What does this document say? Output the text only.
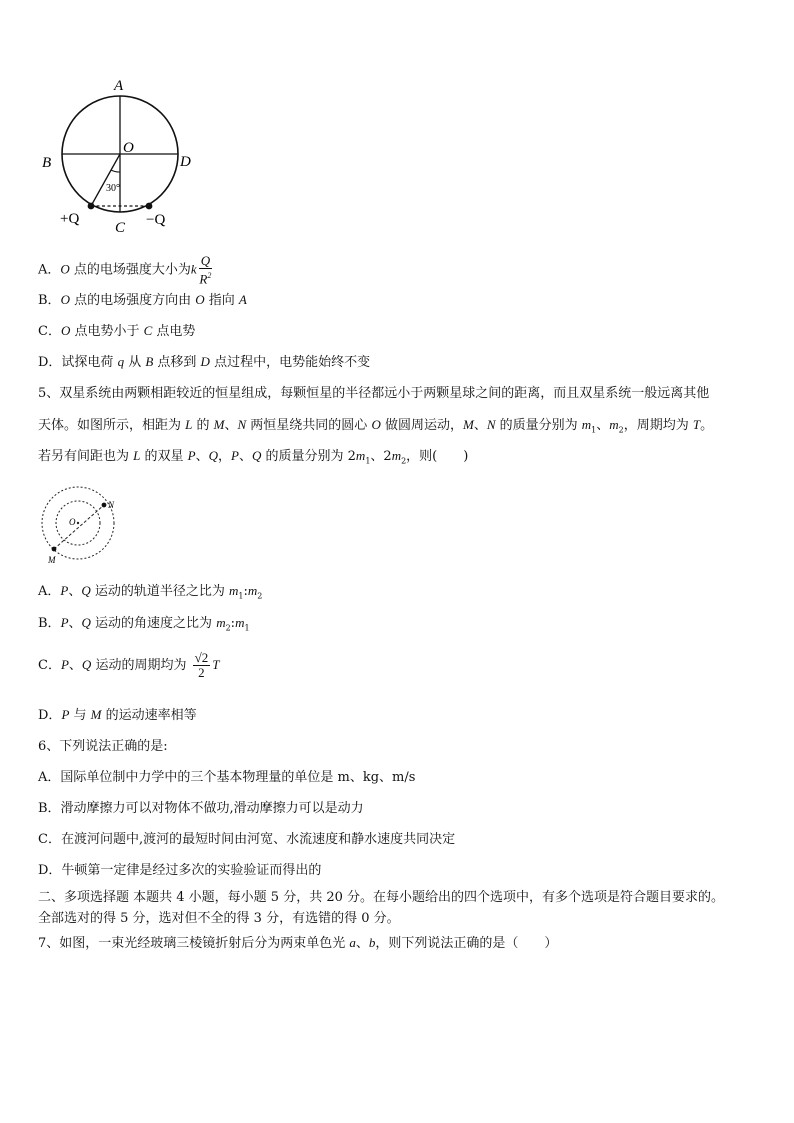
A
B
O
D
30°
+Q
C −Q
A．O 点的电场强度大小为k $\frac{Q}{R^2}$
B．O 点的电场强度方向由 O 指向 A
C．O 点电势小于 C 点电势
D．试探电荷 q 从 B 点移到 D 点过程中，电势能始终不变
5、双星系统由两颗相距较近的恒星组成，每颗恒星的半径都远小于两颗星球之间的距离，而且双星系统一般远离其他
天体。如图所示，相距为 L 的 M、N 两恒星绕共同的圆心 O 做圆周运动，M、N 的质量分别为 $m_1$、$m_2$，周期均为 T。
若另有间距也为 L 的双星 P、Q，P、Q 的质量分别为 $2m_1$、$2m_2$，则(　　)
O
N
M
A．P、Q 运动的轨道半径之比为 $m_1:m_2$
B．P、Q 运动的角速度之比为 $m_2:m_1$
C．P、Q 运动的周期均为 $\frac{√2}{2}$ T
D．P 与 M 的运动速率相等
6、下列说法正确的是:
A．国际单位制中力学中的三个基本物理量的单位是 m、kg、m/s
B．滑动摩擦力可以对物体不做功,滑动摩擦力可以是动力
C．在渡河问题中,渡河的最短时间由河宽、水流速度和静水速度共同决定
D．牛顿第一定律是经过多次的实验验证而得出的
二、多项选择题 本题共 4 小题，每小题 5 分，共 20 分。在每小题给出的四个选项中，有多个选项是符合题目要求的。
全部选对的得 5 分，选对但不全的得 3 分，有选错的得 0 分。
7、如图，一束光经玻璃三棱镜折射后分为两束单色光 a、b，则下列说法正确的是（　　）
